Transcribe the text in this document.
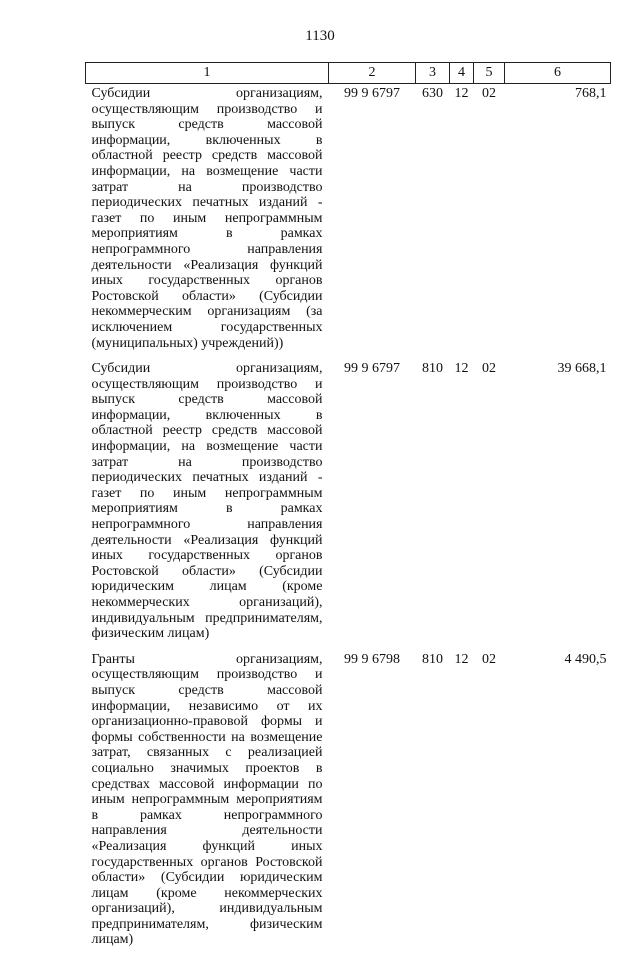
1130
1	2	3	4	5	6
Субсидии организациям, осуществляющим производство и выпуск средств массовой информации, включенных в областной реестр средств массовой информации, на возмещение части затрат на производство периодических печатных изданий - газет по иным непрограммным мероприятиям в рамках непрограммного направления деятельности «Реализация функций иных государственных органов Ростовской области» (Субсидии некоммерческим организациям (за исключением государственных (муниципальных) учреждений))	99 9 6797	630	12	02	768,1
Субсидии организациям, осуществляющим производство и выпуск средств массовой информации, включенных в областной реестр средств массовой информации, на возмещение части затрат на производство периодических печатных изданий - газет по иным непрограммным мероприятиям в рамках непрограммного направления деятельности «Реализация функций иных государственных органов Ростовской области» (Субсидии юридическим лицам (кроме некоммерческих организаций), индивидуальным предпринимателям, физическим лицам)	99 9 6797	810	12	02	39 668,1
Гранты организациям, осуществляющим производство и выпуск средств массовой информации, независимо от их организационно-правовой формы и формы собственности на возмещение затрат, связанных с реализацией социально значимых проектов в средствах массовой информации по иным непрограммным мероприятиям в рамках непрограммного направления деятельности «Реализация функций иных государственных органов Ростовской области» (Субсидии юридическим лицам (кроме некоммерческих организаций), индивидуальным предпринимателям, физическим лицам)	99 9 6798	810	12	02	4 490,5
